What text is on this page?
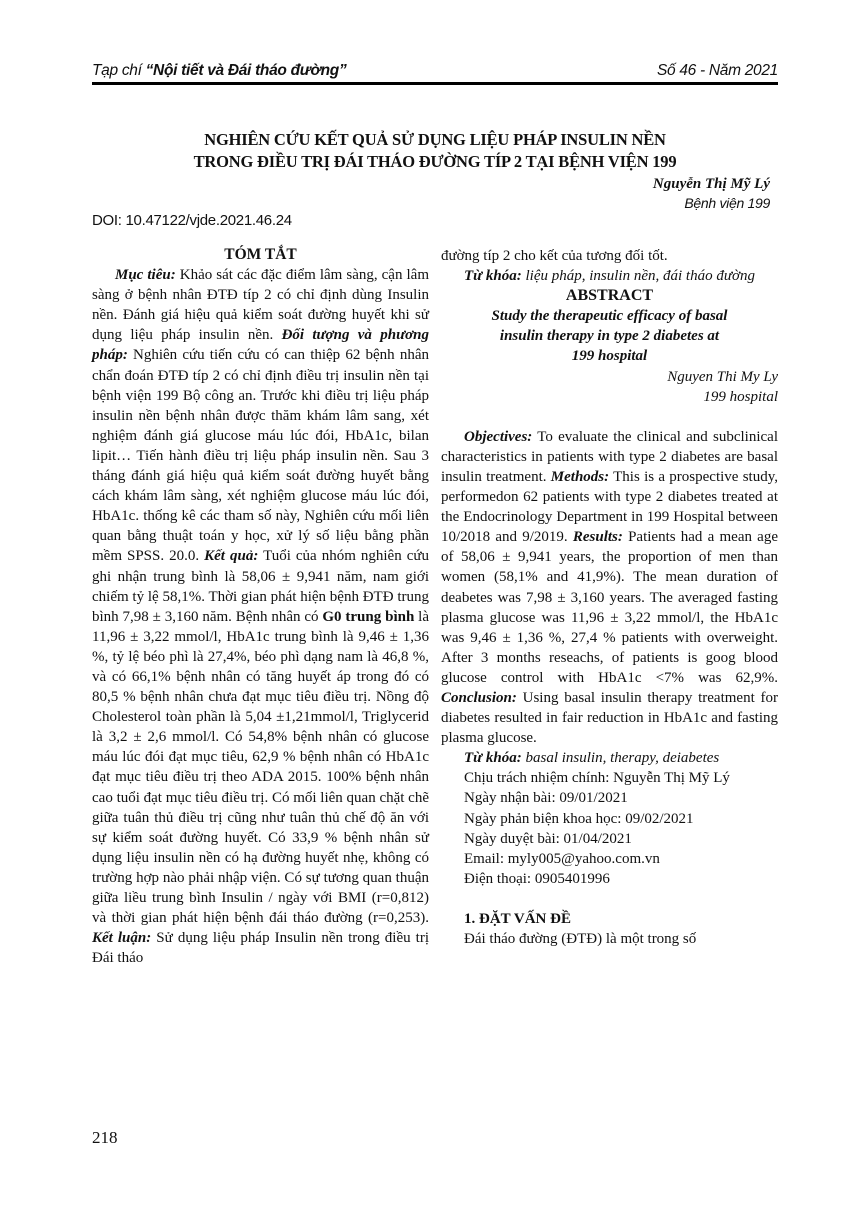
Tạp chí “Nội tiết và Đái tháo đường”	Số 46 - Năm 2021
NGHIÊN CỨU KẾT QUẢ SỬ DỤNG LIỆU PHÁP INSULIN NỀN
TRONG ĐIỀU TRỊ ĐÁI THÁO ĐƯỜNG TÍP 2 TẠI BỆNH VIỆN 199
Nguyễn Thị Mỹ Lý
Bệnh viện 199
DOI: 10.47122/vjde.2021.46.24

TÓM TẮT

Mục tiêu: Khảo sát các đặc điểm lâm sàng, cận lâm sàng ở bệnh nhân ĐTĐ típ 2 có chỉ định dùng Insulin nền. Đánh giá hiệu quả kiểm soát đường huyết khi sử dụng liệu pháp insulin nền. Đối tượng và phương pháp: Nghiên cứu tiến cứu có can thiệp 62 bệnh nhân chẩn đoán ĐTĐ típ 2 có chỉ định điều trị insulin nền tại bệnh viện 199 Bộ công an. Trước khi điều trị liệu pháp insulin nền bệnh nhân được thăm khám lâm sang, xét nghiệm đánh giá glucose máu lúc đói, HbA1c, bilan lipit… Tiến hành điều trị liệu pháp insulin nền. Sau 3 tháng đánh giá hiệu quả kiểm soát đường huyết bằng cách khám lâm sàng, xét nghiệm glucose máu lúc đói, HbA1c. thống kê các tham số này, Nghiên cứu mối liên quan bằng thuật toán y học, xử lý số liệu bằng phần mềm SPSS. 20.0. Kết quả: Tuổi của nhóm nghiên cứu ghi nhận trung bình là 58,06 ± 9,941 năm, nam giới chiếm tỷ lệ 58,1%. Thời gian phát hiện bệnh ĐTĐ trung bình 7,98 ± 3,160 năm. Bệnh nhân có G0 trung bình là 11,96 ± 3,22 mmol/l, HbA1c trung bình là 9,46 ± 1,36 %, tỷ lệ béo phì là 27,4%, béo phì dạng nam là 46,8 %, và có 66,1% bệnh nhân có tăng huyết áp trong đó có 80,5 % bệnh nhân chưa đạt mục tiêu điều trị. Nồng độ Cholesterol toàn phần là 5,04 ±1,21mmol/l, Triglycerid là 3,2 ± 2,6 mmol/l. Có 54,8% bệnh nhân có glucose máu lúc đói đạt mục tiêu, 62,9 % bệnh nhân có HbA1c đạt mục tiêu điều trị theo ADA 2015. 100% bệnh nhân cao tuổi đạt mục tiêu điều trị. Có mối liên quan chặt chẽ giữa tuân thủ điều trị cũng như tuân thủ chế độ ăn với sự kiểm soát đường huyết. Có 33,9 % bệnh nhân sử dụng liệu insulin nền có hạ đường huyết nhẹ, không có trường hợp nào phải nhập viện. Có sự tương quan thuận giữa liều trung bình Insulin / ngày với BMI (r=0,812) và thời gian phát hiện bệnh đái tháo đường (r=0,253). Kết luận: Sử dụng liệu pháp Insulin nền trong điều trị Đái tháo

đường típ 2 cho kết của tương đối tốt.

Từ khóa: liệu pháp, insulin nền, đái tháo đường

ABSTRACT

Study the therapeutic efficacy of basal

insulin therapy in type 2 diabetes at

199 hospital

Nguyen Thi My Ly

199 hospital

Objectives: To evaluate the clinical and subclinical characteristics in patients with type 2 diabetes are basal insulin treatment. Methods: This is a prospective study, performedon 62 patients with type 2 diabetes treated at the Endocrinology Department in 199 Hospital between 10/2018 and 9/2019. Results: Patients had a mean age of 58,06 ± 9,941 years, the proportion of men than women (58,1% and 41,9%). The mean duration of deabetes was 7,98 ± 3,160 years. The averaged fasting plasma glucose was 11,96 ± 3,22 mmol/l, the HbA1c was 9,46 ± 1,36 %, 27,4 % patients with overweight. After 3 months reseachs, of patients is goog blood glucose control with HbA1c <7% was 62,9%. Conclusion: Using basal insulin therapy treatment for diabetes resulted in fair reduction in HbA1c and fasting plasma glucose.

Từ khóa: basal insulin, therapy, deiabetes

Chịu trách nhiệm chính: Nguyễn Thị Mỹ Lý

Ngày nhận bài: 09/01/2021

Ngày phản biện khoa học: 09/02/2021

Ngày duyệt bài: 01/04/2021

Email: myly005@yahoo.com.vn

Điện thoại: 0905401996

1. ĐẶT VẤN ĐỀ

Đái tháo đường (ĐTĐ) là một trong số

218
